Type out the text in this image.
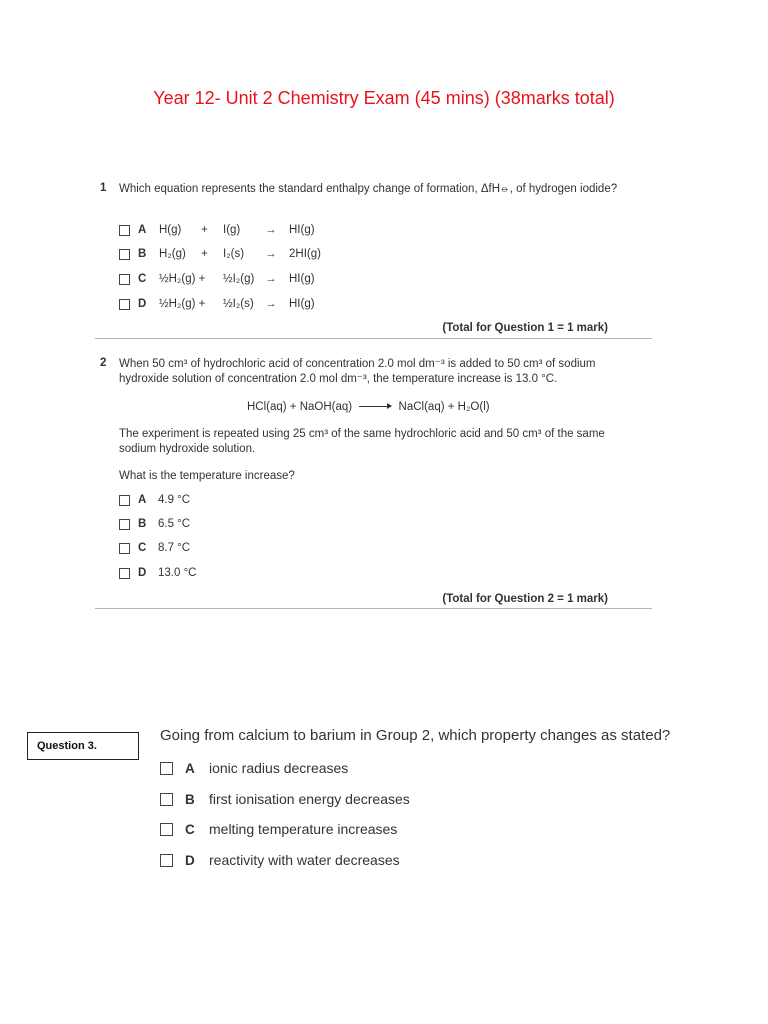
Year 12- Unit 2 Chemistry Exam (45 mins) (38marks total)
1 Which equation represents the standard enthalpy change of formation, ΔfH⦵, of hydrogen iodide?
A	H(g) + I(g) → HI(g)
B	H₂(g) + I₂(s) → 2HI(g)
C	½H₂(g) + ½I₂(g) → HI(g)
D	½H₂(g) + ½I₂(s) → HI(g)
(Total for Question 1 = 1 mark)
2 When 50 cm³ of hydrochloric acid of concentration 2.0 mol dm⁻³ is added to 50 cm³ of sodium hydroxide solution of concentration 2.0 mol dm⁻³, the temperature increase is 13.0 °C.
HCl(aq) + NaOH(aq) → NaCl(aq) + H₂O(l)
The experiment is repeated using 25 cm³ of the same hydrochloric acid and 50 cm³ of the same sodium hydroxide solution.
What is the temperature increase?
A	4.9 °C
B	6.5 °C
C	8.7 °C
D	13.0 °C
(Total for Question 2 = 1 mark)
Question 3.
Going from calcium to barium in Group 2, which property changes as stated?
A	ionic radius decreases
B	first ionisation energy decreases
C	melting temperature increases
D	reactivity with water decreases
